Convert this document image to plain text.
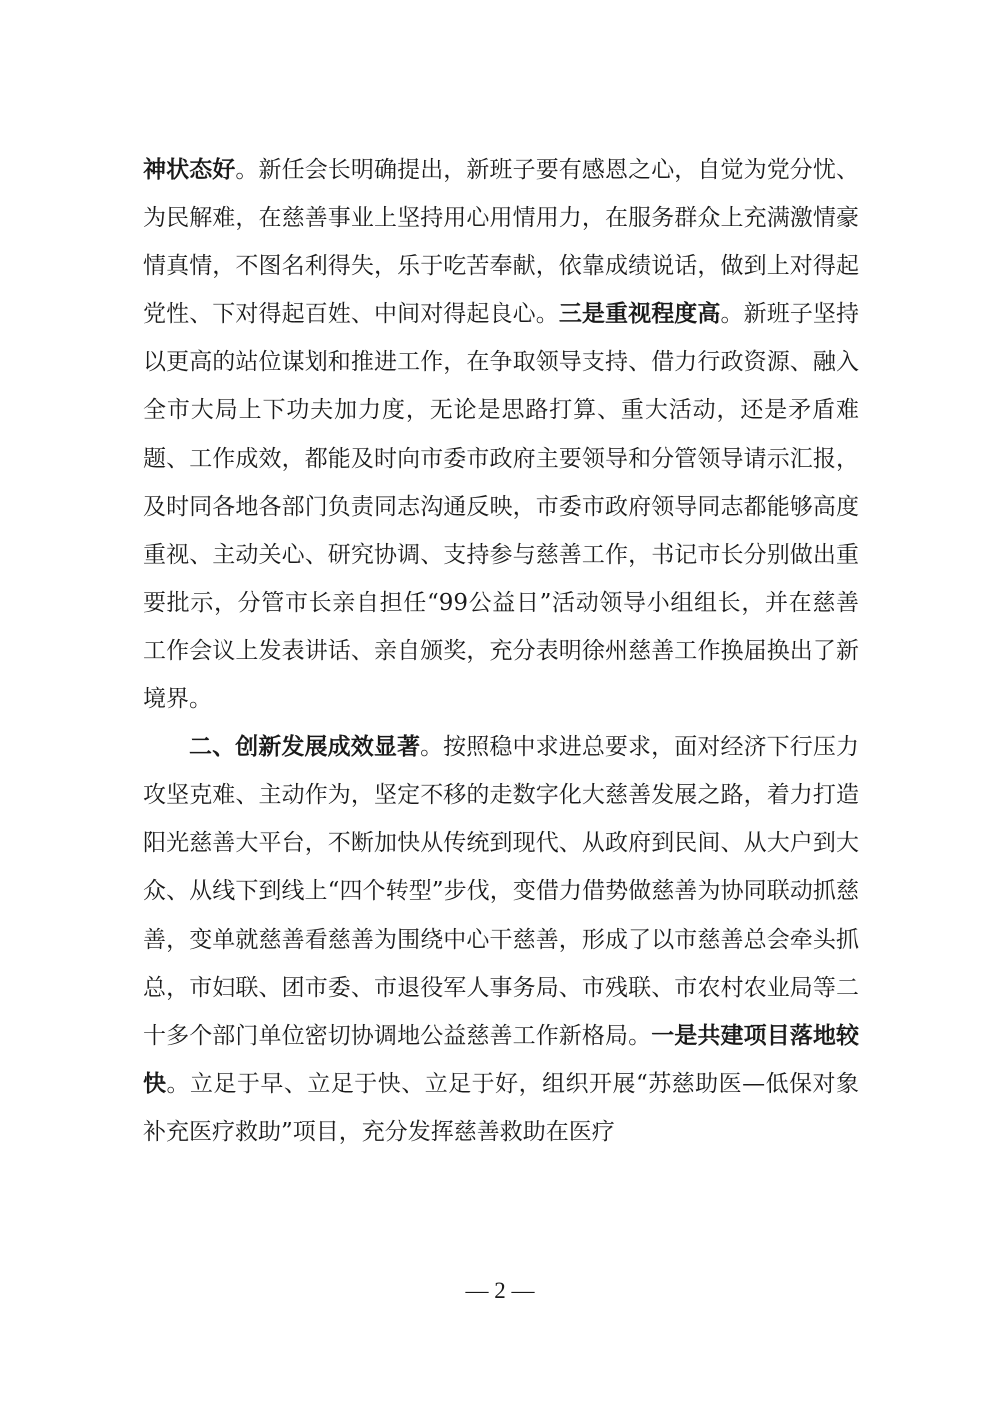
神状态好。新任会长明确提出，新班子要有感恩之心，自觉为党分忧、为民解难，在慈善事业上坚持用心用情用力，在服务群众上充满激情豪情真情，不图名利得失，乐于吃苦奉献，依靠成绩说话，做到上对得起党性、下对得起百姓、中间对得起良心。三是重视程度高。新班子坚持以更高的站位谋划和推进工作，在争取领导支持、借力行政资源、融入全市大局上下功夫加力度，无论是思路打算、重大活动，还是矛盾难题、工作成效，都能及时向市委市政府主要领导和分管领导请示汇报，及时同各地各部门负责同志沟通反映，市委市政府领导同志都能够高度重视、主动关心、研究协调、支持参与慈善工作，书记市长分别做出重要批示，分管市长亲自担任“99公益日”活动领导小组组长，并在慈善工作会议上发表讲话、亲自颁奖，充分表明徐州慈善工作换届换出了新境界。

二、创新发展成效显著。按照稳中求进总要求，面对经济下行压力攻坚克难、主动作为，坚定不移的走数字化大慈善发展之路，着力打造阳光慈善大平台，不断加快从传统到现代、从政府到民间、从大户到大众、从线下到线上“四个转型”步伐，变借力借势做慈善为协同联动抓慈善，变单就慈善看慈善为围绕中心干慈善，形成了以市慈善总会牵头抓总，市妇联、团市委、市退役军人事务局、市残联、市农村农业局等二十多个部门单位密切协调地公益慈善工作新格局。一是共建项目落地较快。立足于早、立足于快、立足于好，组织开展“苏慈助医—低保对象补充医疗救助”项目，充分发挥慈善救助在医疗

— 2 —
